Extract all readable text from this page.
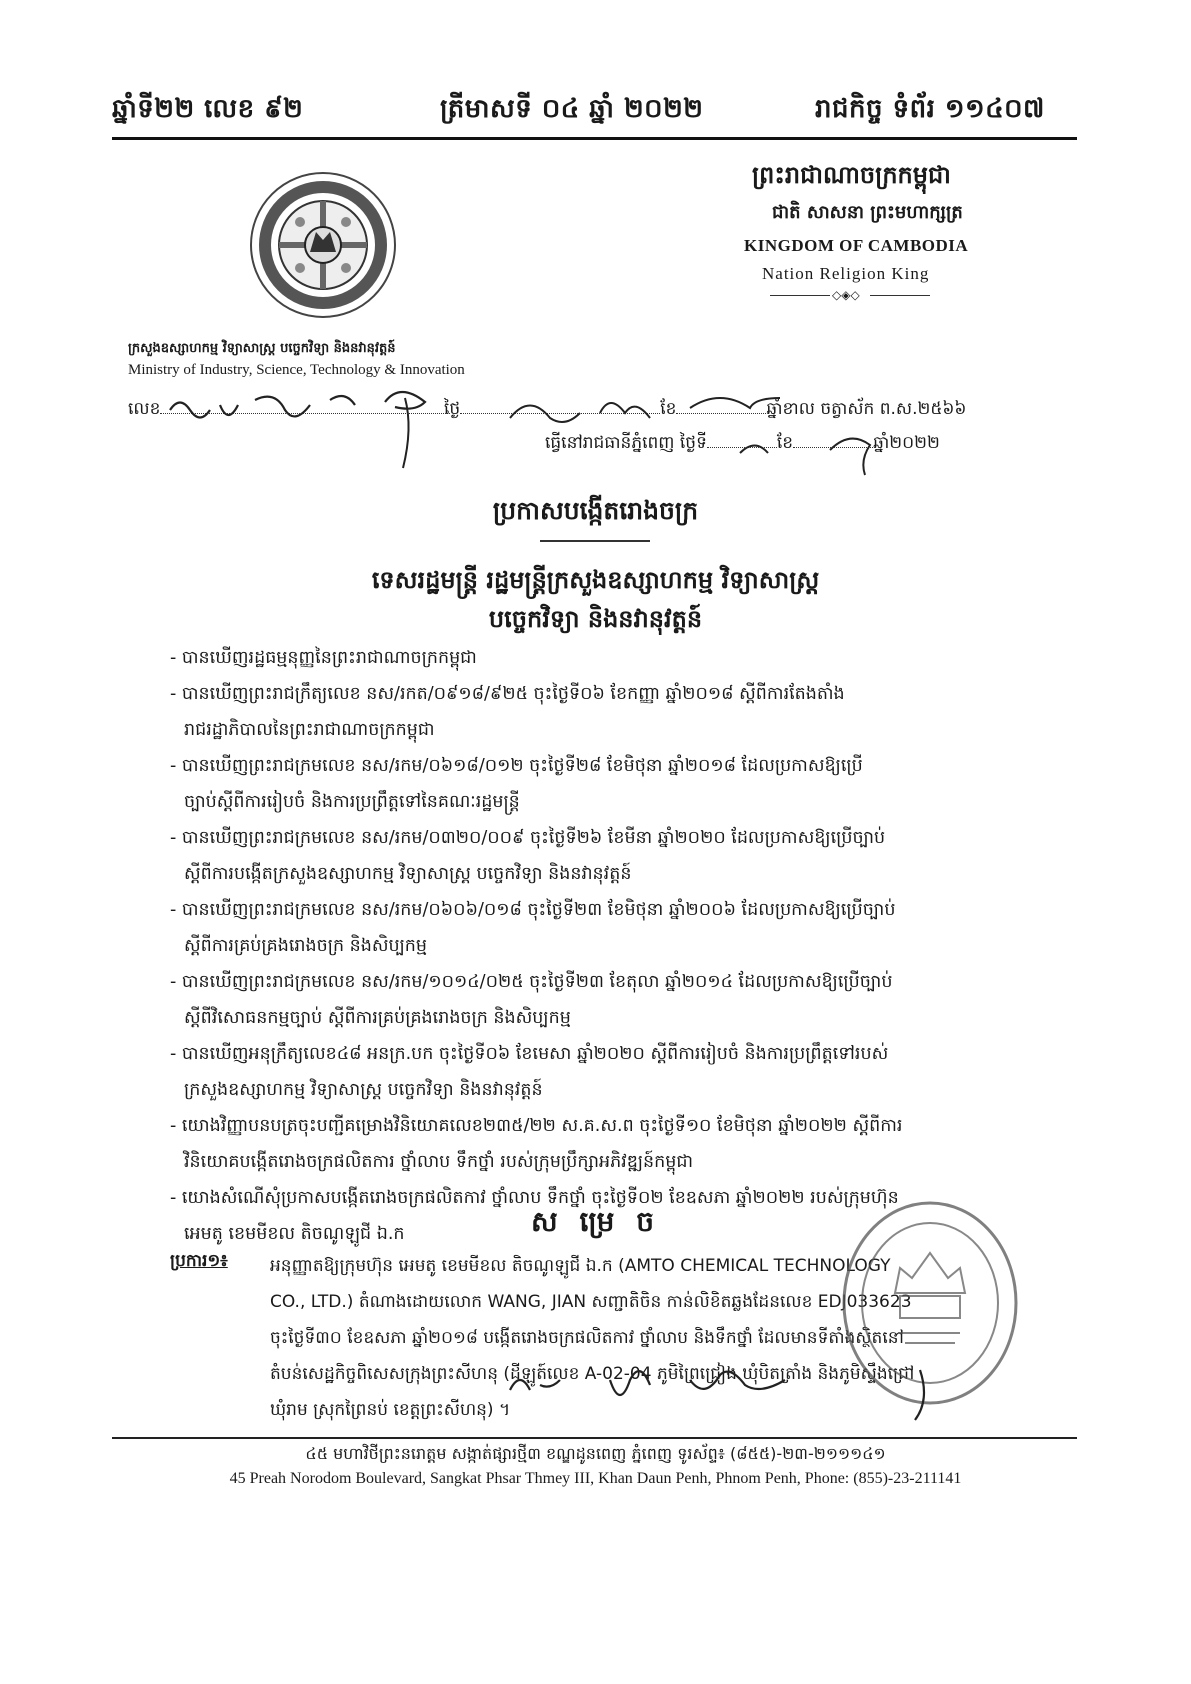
ឆ្នាំទី២២ លេខ ៩២	ត្រីមាសទី ០៤ ឆ្នាំ ២០២២	រាជកិច្ច ទំព័រ ១១៤០៧
ព្រះរាជាណាចក្រកម្ពុជា
ជាតិ សាសនា ព្រះមហាក្សត្រ
KINGDOM OF CAMBODIA
Nation Religion King
◇◈◇
ក្រសួងឧស្សាហកម្ម វិទ្យាសាស្ត្រ បច្ចេកវិទ្យា និងនវានុវត្តន៍
Ministry of Industry, Science, Technology & Innovation
លេខ	ថ្ងៃ	ខែ	ឆ្នាំខាល ចត្វាស័ក ព.ស.២៥៦៦
ធ្វើនៅរាជធានីភ្នំពេញ ថ្ងៃទី	ខែ	ឆ្នាំ២០២២
ប្រកាសបង្កើតរោងចក្រ
ទេសរដ្ឋមន្ត្រី រដ្ឋមន្ត្រីក្រសួងឧស្សាហកម្ម វិទ្យាសាស្ត្រ
បច្ចេកវិទ្យា និងនវានុវត្តន៍

- បានឃើញរដ្ឋធម្មនុញ្ញនៃព្រះរាជាណាចក្រកម្ពុជា

- បានឃើញព្រះរាជក្រឹត្យលេខ នស/រកត/០៩១៨/៩២៥ ចុះថ្ងៃទី០៦ ខែកញ្ញា ឆ្នាំ២០១៨ ស្ដីពីការតែងតាំង
រាជរដ្ឋាភិបាលនៃព្រះរាជាណាចក្រកម្ពុជា

- បានឃើញព្រះរាជក្រមលេខ នស/រកម/០៦១៨/០១២ ចុះថ្ងៃទី២៨ ខែមិថុនា ឆ្នាំ២០១៨ ដែលប្រកាសឱ្យប្រើ
ច្បាប់ស្តីពីការរៀបចំ និងការប្រព្រឹត្តទៅនៃគណៈរដ្ឋមន្ត្រី

- បានឃើញព្រះរាជក្រមលេខ នស/រកម/០៣២០/០០៩ ចុះថ្ងៃទី២៦ ខែមីនា ឆ្នាំ២០២០ ដែលប្រកាសឱ្យប្រើច្បាប់
ស្ដីពីការបង្កើតក្រសួងឧស្សាហកម្ម វិទ្យាសាស្ត្រ បច្ចេកវិទ្យា និងនវានុវត្តន៍

- បានឃើញព្រះរាជក្រមលេខ នស/រកម/០៦០៦/០១៨ ចុះថ្ងៃទី២៣ ខែមិថុនា ឆ្នាំ២០០៦ ដែលប្រកាសឱ្យប្រើច្បាប់
ស្ដីពីការគ្រប់គ្រងរោងចក្រ និងសិប្បកម្ម

- បានឃើញព្រះរាជក្រមលេខ នស/រកម/១០១៤/០២៥ ចុះថ្ងៃទី២៣ ខែតុលា ឆ្នាំ២០១៤ ដែលប្រកាសឱ្យប្រើច្បាប់
ស្ដីពីវិសោធនកម្មច្បាប់ ស្ដីពីការគ្រប់គ្រងរោងចក្រ និងសិប្បកម្ម

- បានឃើញអនុក្រឹត្យលេខ៤៨ អនក្រ.បក ចុះថ្ងៃទី០៦ ខែមេសា ឆ្នាំ២០២០ ស្ដីពីការរៀបចំ និងការប្រព្រឹត្តទៅរបស់
ក្រសួងឧស្សាហកម្ម វិទ្យាសាស្ត្រ បច្ចេកវិទ្យា និងនវានុវត្តន៍

- យោងវិញ្ញាបនបត្រចុះបញ្ជីគម្រោងវិនិយោគលេខ២៣៥/២២ ស.គ.ស.ព ចុះថ្ងៃទី១០ ខែមិថុនា ឆ្នាំ២០២២ ស្តីពីការ
វិនិយោគបង្កើតរោងចក្រផលិតការ ថ្នាំលាប ទឹកថ្នាំ របស់ក្រុមប្រឹក្សាអភិវឌ្ឍន៍កម្ពុជា

- យោងសំណើសុំប្រកាសបង្កើតរោងចក្រផលិតកាវ ថ្នាំលាប ទឹកថ្នាំ ចុះថ្ងៃទី០២ ខែឧសភា ឆ្នាំ២០២២ របស់ក្រុមហ៊ុន
អេមតូ ខេមមីខល តិចណូឡូជី ឯ.ក	ស ម្រេ ច
ប្រការ១៖ អនុញ្ញាតឱ្យក្រុមហ៊ុន អេមតូ ខេមមីខល តិចណូឡូជី ឯ.ក (AMTO CHEMICAL TECHNOLOGY
CO., LTD.) តំណាងដោយលោក WANG, JIAN សញ្ជាតិចិន កាន់លិខិតឆ្លងដែនលេខ EDJ033623
ចុះថ្ងៃទី៣០ ខែឧសភា ឆ្នាំ២០១៨ បង្កើតរោងចក្រផលិតកាវ ថ្នាំលាប និងទឹកថ្នាំ ដែលមានទីតាំងស្ថិតនៅ
តំបន់សេដ្ឋកិច្ចពិសេសក្រុងព្រះសីហនុ (ដីឡូត៍លេខ A-02-04 ភូមិព្រៃជ្រៀង ឃុំបិតត្រាំង និងភូមិស្ទឹងជ្រៅ
ឃុំរាម ស្រុកព្រៃនប់ ខេត្តព្រះសីហនុ) ។
៤៥ មហាវិថីព្រះនរោត្តម សង្កាត់ផ្សារថ្មី៣ ខណ្ឌដូនពេញ ភ្នំពេញ ទូរស័ព្ទ៖ (៨៥៥)-២៣-២១១១៤១
45 Preah Norodom Boulevard, Sangkat Phsar Thmey III, Khan Daun Penh, Phnom Penh, Phone: (855)-23-211141
